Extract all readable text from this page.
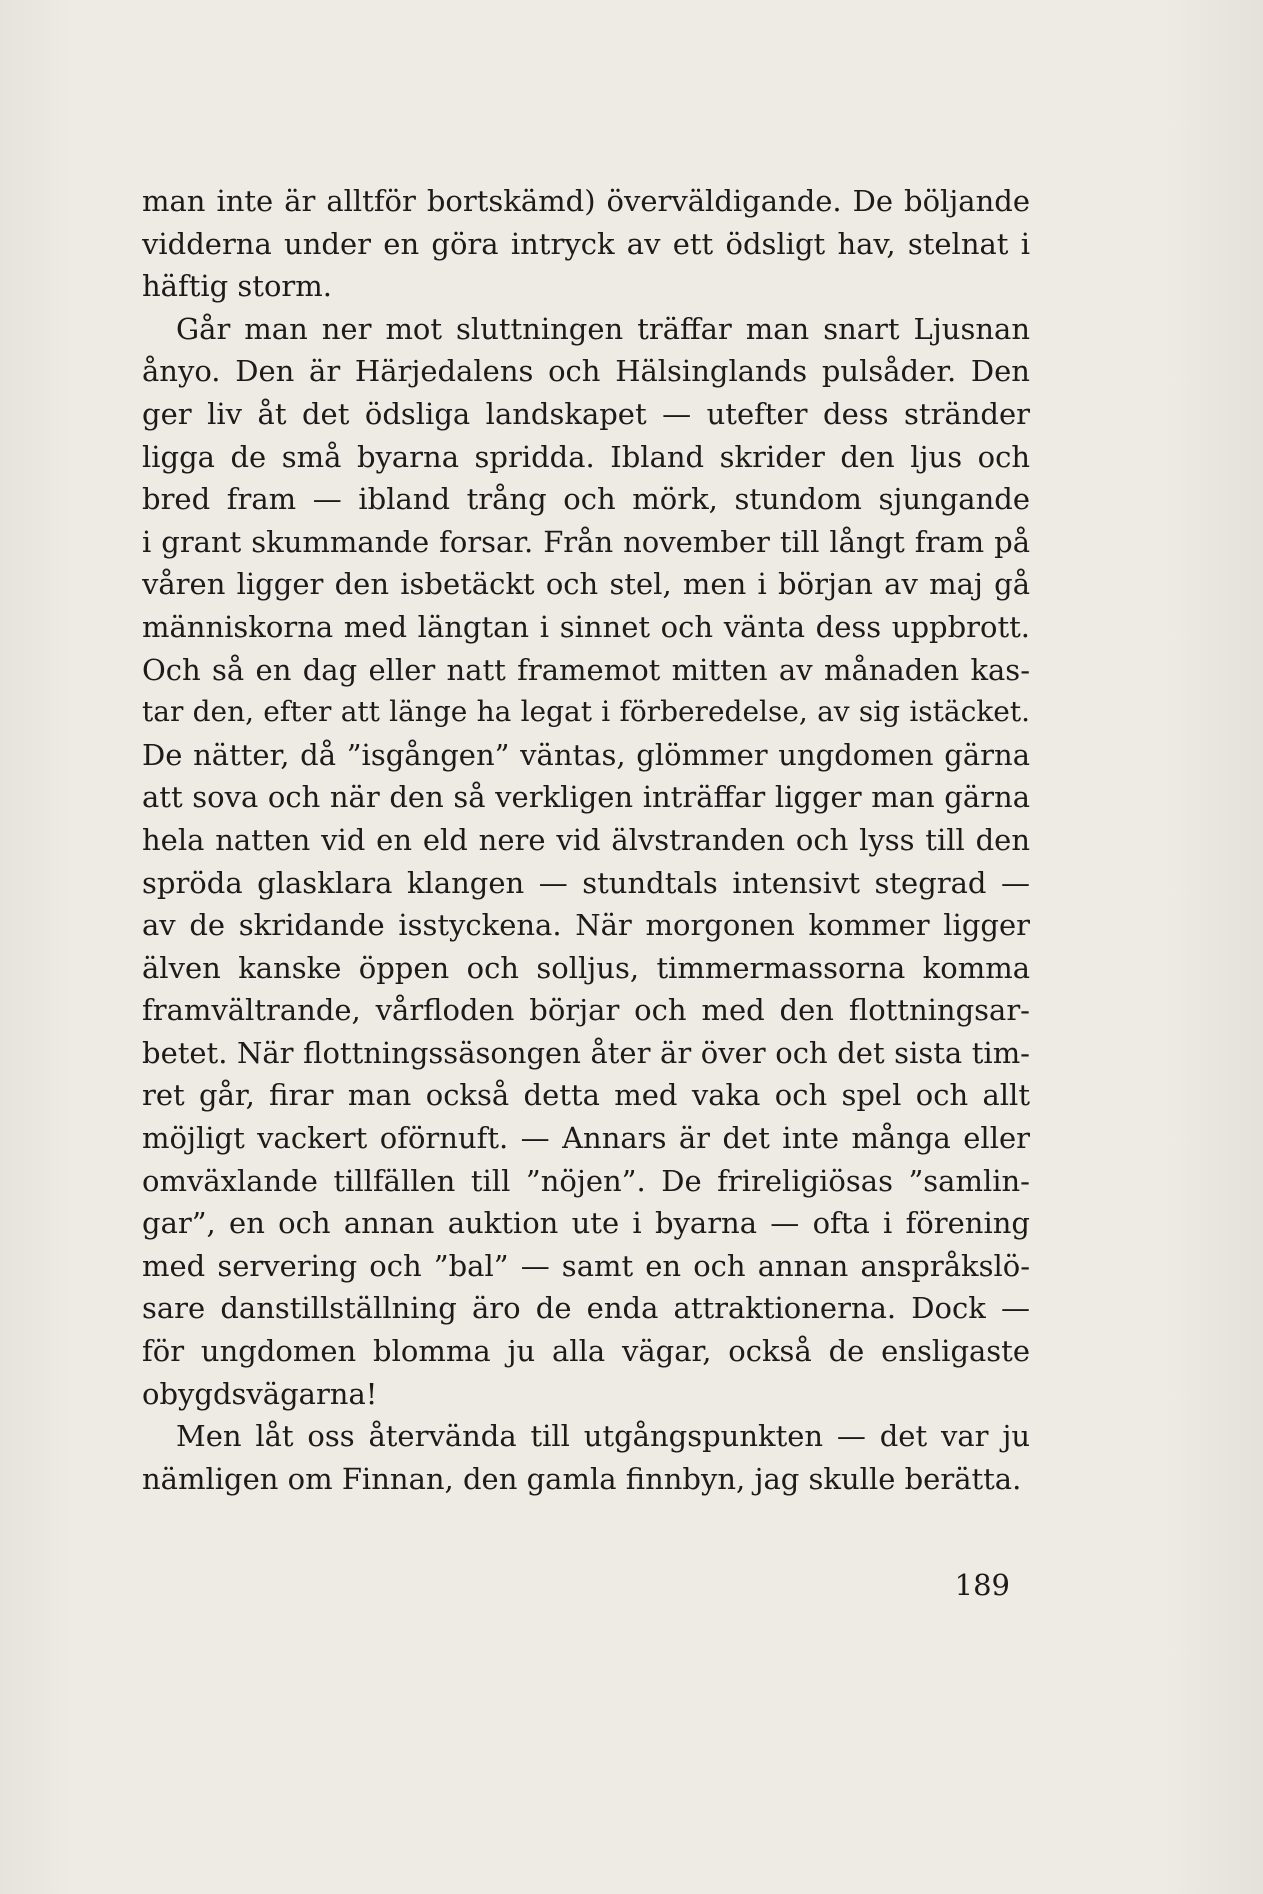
man inte är alltför bortskämd) överväldigande. De böljande
vidderna under en göra intryck av ett ödsligt hav, stelnat i
häftig storm.
Går man ner mot sluttningen träffar man snart Ljusnan
ånyo. Den är Härjedalens och Hälsinglands pulsåder. Den
ger liv åt det ödsliga landskapet — utefter dess stränder
ligga de små byarna spridda. Ibland skrider den ljus och
bred fram — ibland trång och mörk, stundom sjungande
i grant skummande forsar. Från november till långt fram på
våren ligger den isbetäckt och stel, men i början av maj gå
människorna med längtan i sinnet och vänta dess uppbrott.
Och så en dag eller natt framemot mitten av månaden kas-
tar den, efter att länge ha legat i förberedelse, av sig istäcket.
De nätter, då ”isgången” väntas, glömmer ungdomen gärna
att sova och när den så verkligen inträffar ligger man gärna
hela natten vid en eld nere vid älvstranden och lyss till den
spröda glasklara klangen — stundtals intensivt stegrad —
av de skridande isstyckena. När morgonen kommer ligger
älven kanske öppen och solljus, timmermassorna komma
framvältrande, vårfloden börjar och med den flottningsar-
betet. När flottningssäsongen åter är över och det sista tim-
ret går, firar man också detta med vaka och spel och allt
möjligt vackert oförnuft. — Annars är det inte många eller
omväxlande tillfällen till ”nöjen”. De frireligiösas ”samlin-
gar”, en och annan auktion ute i byarna — ofta i förening
med servering och ”bal” — samt en och annan anspråkslö-
sare danstillställning äro de enda attraktionerna. Dock —
för ungdomen blomma ju alla vägar, också de ensligaste
obygdsvägarna!
Men låt oss återvända till utgångspunkten — det var ju
nämligen om Finnan, den gamla finnbyn, jag skulle berätta.
189
